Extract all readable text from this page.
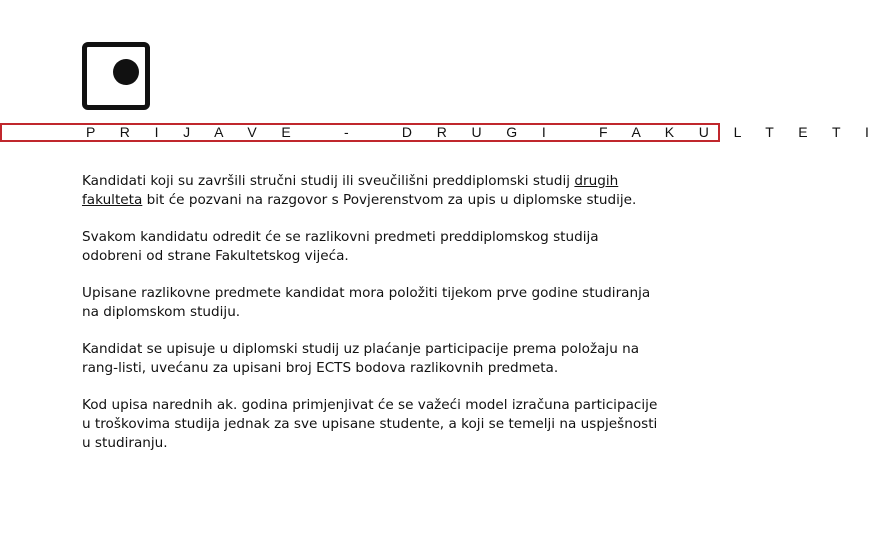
P R I J A V E   -   D R U G I   F A K U L T E T I

Kandidati koji su završili stručni studij ili sveučilišni preddiplomski studij drugih fakulteta bit će pozvani na razgovor s Povjerenstvom za upis u diplomske studije.

Svakom kandidatu odredit će se razlikovni predmeti preddiplomskog studija odobreni od strane Fakultetskog vijeća.

Upisane razlikovne predmete kandidat mora položiti tijekom prve godine studiranja na diplomskom studiju.

Kandidat se upisuje u diplomski studij uz plaćanje participacije prema položaju na rang-listi, uvećanu za upisani broj ECTS bodova razlikovnih predmeta.

Kod upisa narednih ak. godina primjenjivat će se važeći model izračuna participacije u troškovima studija jednak za sve upisane studente, a koji se temelji na uspješnosti u studiranju.
